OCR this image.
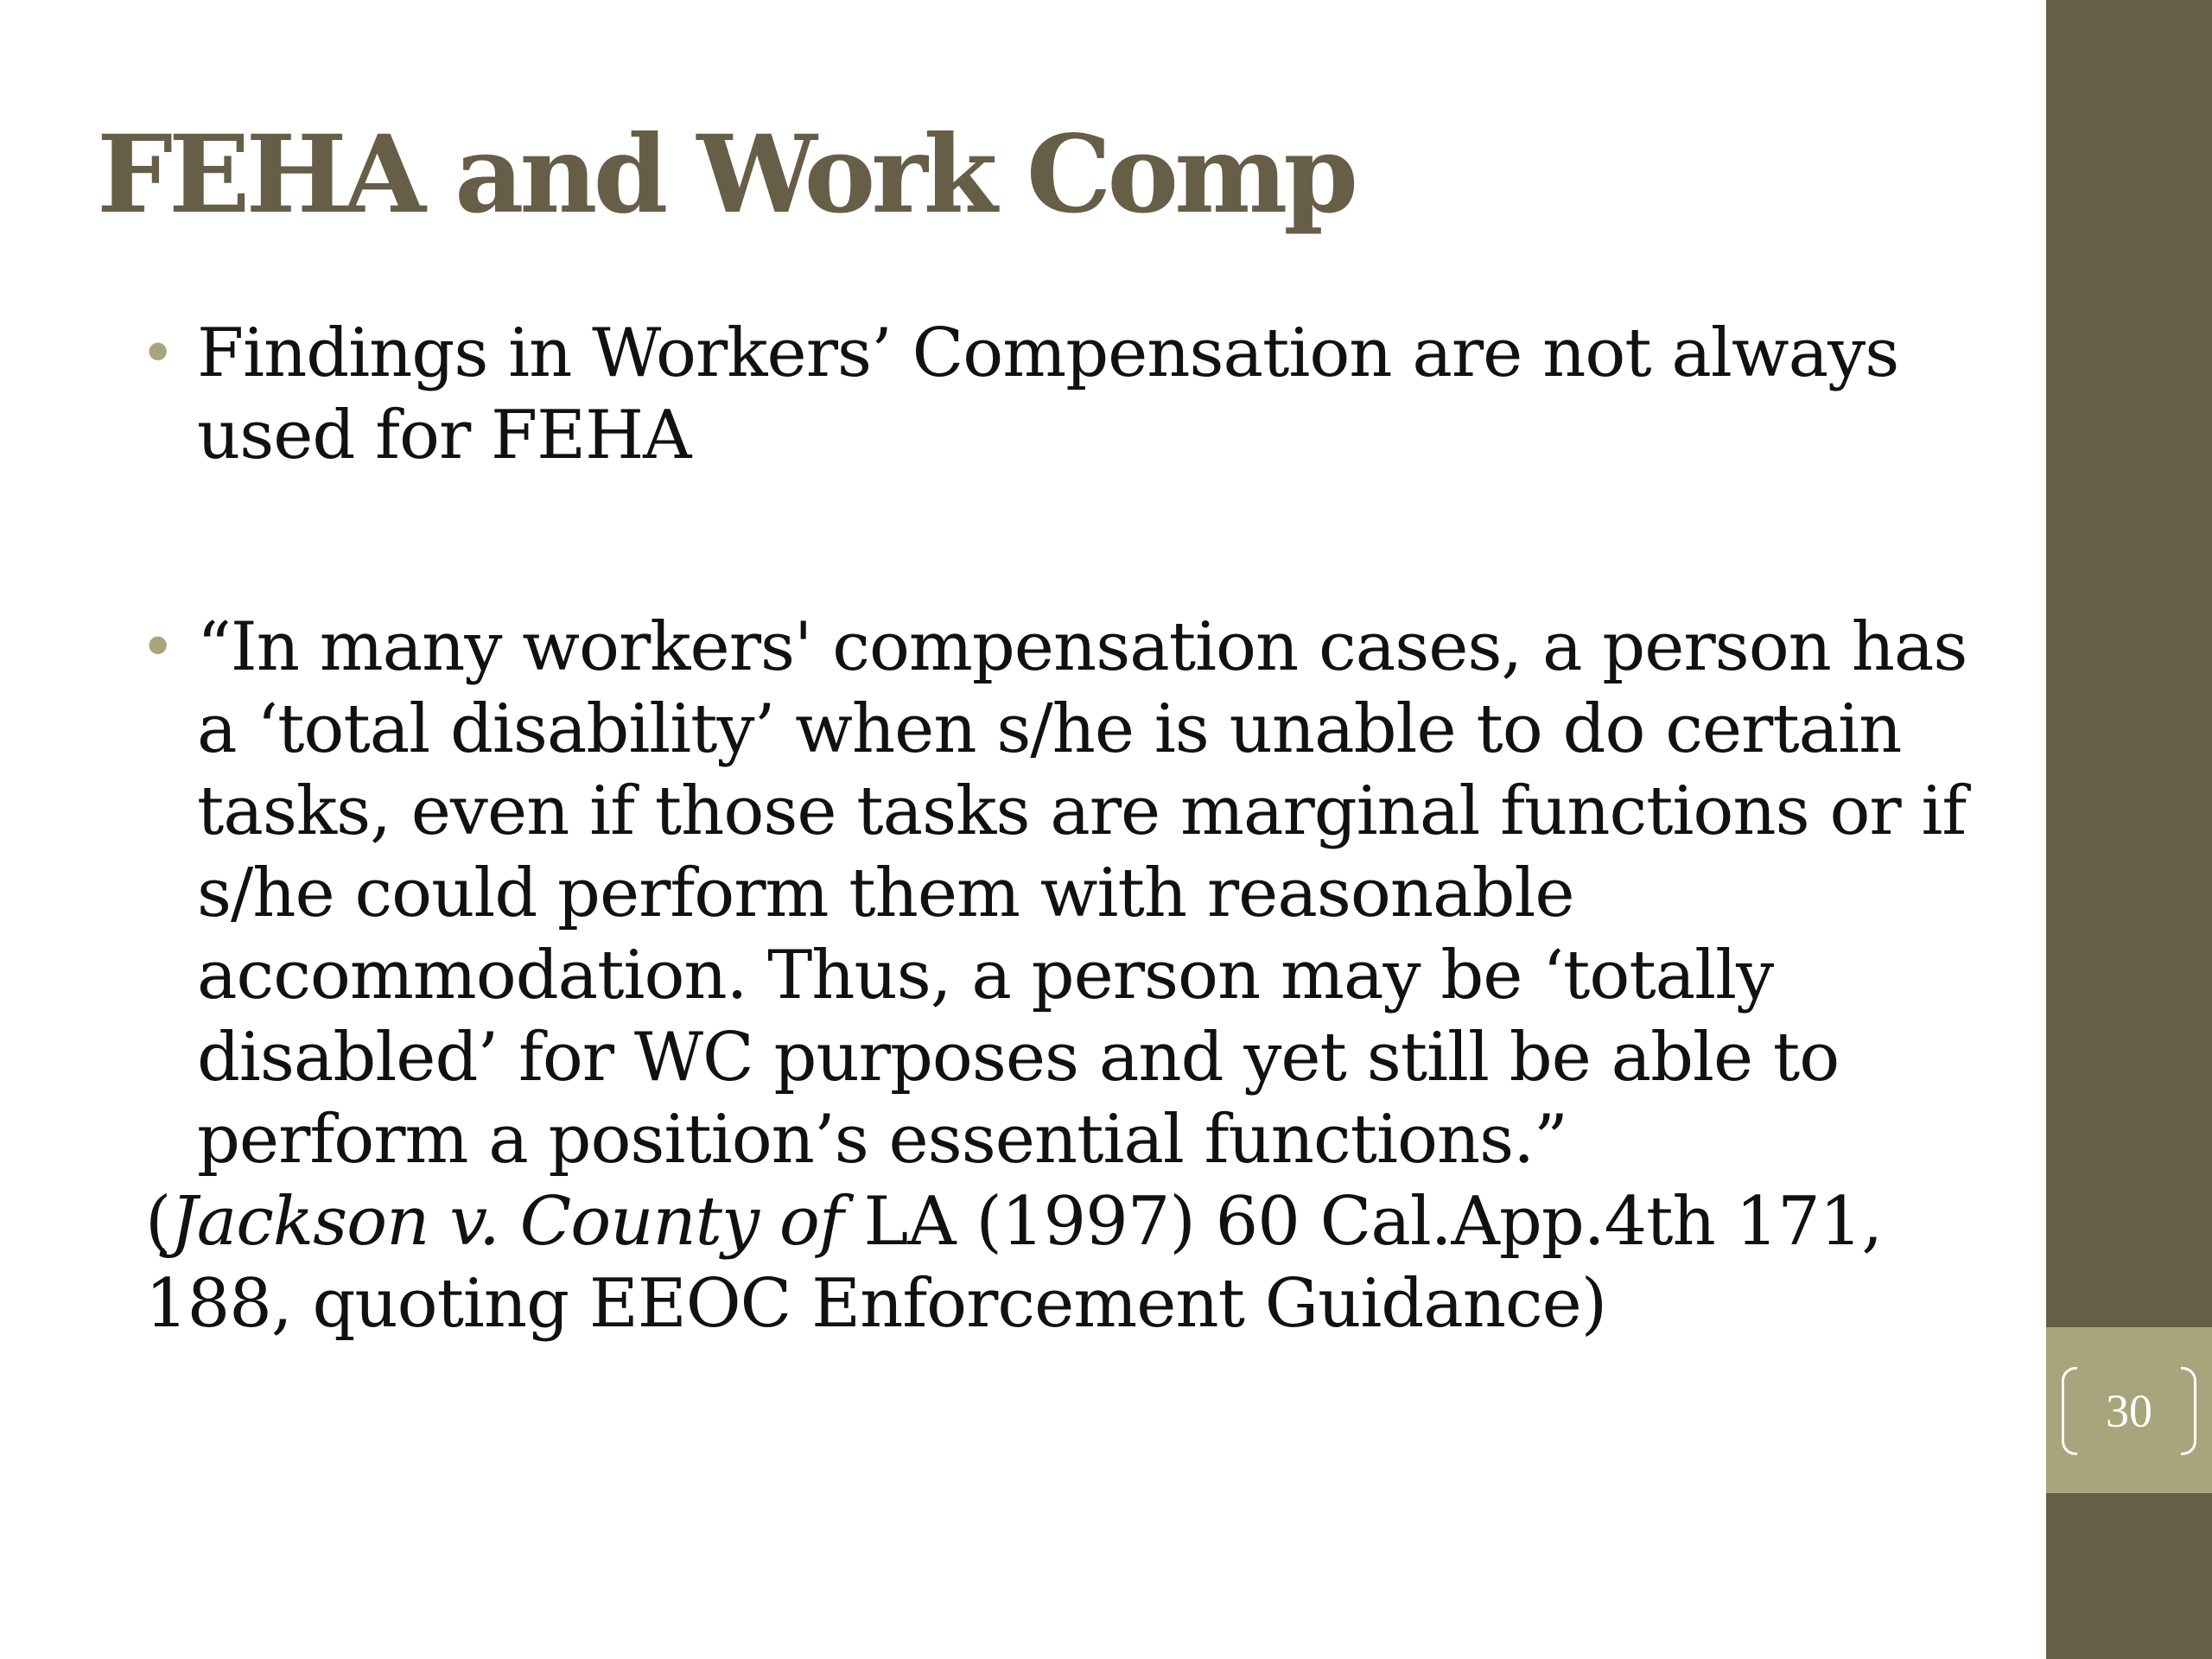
30
FEHA and Work Comp

• Findings in Workers’ Compensation are not always used for FEHA

• “In many workers' compensation cases, a person has a ‘total disability’ when s/he is unable to do certain tasks, even if those tasks are marginal functions or if s/he could perform them with reasonable accommodation. Thus, a person may be ‘totally disabled’ for WC purposes and yet still be able to perform a position’s essential functions.”

(Jackson v. County of LA (1997) 60 Cal.App.4th 171, 188, quoting EEOC Enforcement Guidance)
